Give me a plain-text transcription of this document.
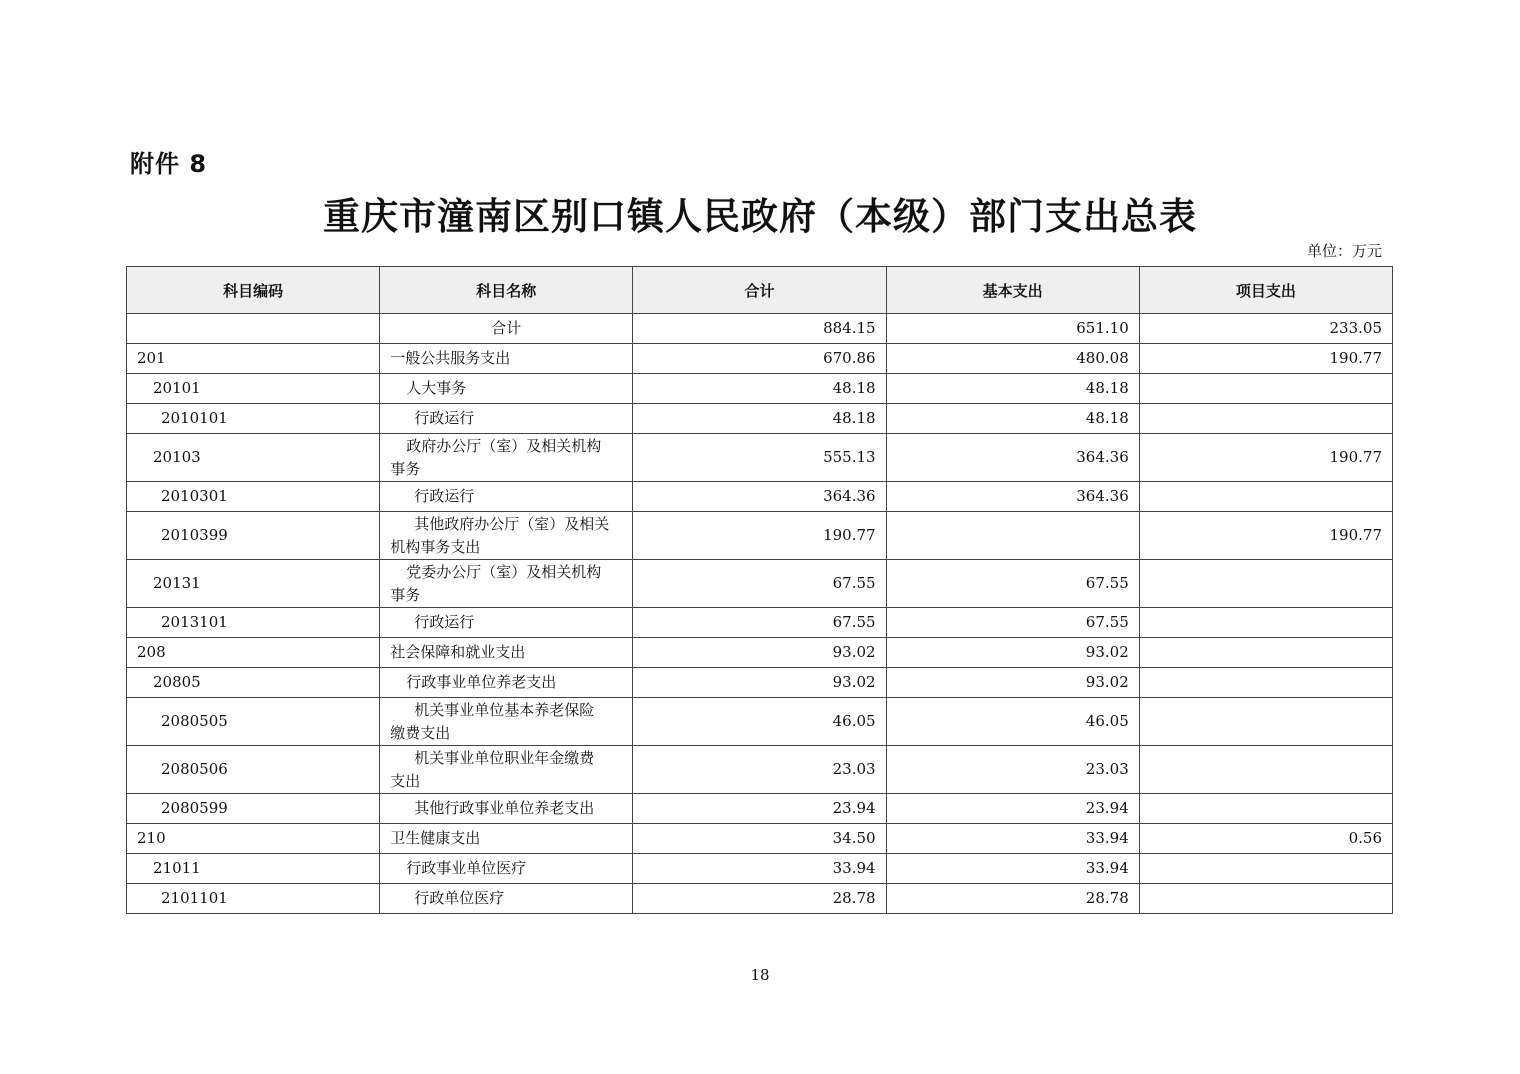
附件 8
重庆市潼南区别口镇人民政府（本级）部门支出总表
单位：万元
科目编码	科目名称	合计	基本支出	项目支出
	合计	884.15	651.10	233.05
201	一般公共服务支出	670.86	480.08	190.77
20101	人大事务	48.18	48.18	
2010101	行政运行	48.18	48.18	
20103	政府办公厅（室）及相关机构
事务	555.13	364.36	190.77
2010301	行政运行	364.36	364.36	
2010399	其他政府办公厅（室）及相关
机构事务支出	190.77		190.77
20131	党委办公厅（室）及相关机构
事务	67.55	67.55	
2013101	行政运行	67.55	67.55	
208	社会保障和就业支出	93.02	93.02	
20805	行政事业单位养老支出	93.02	93.02	
2080505	机关事业单位基本养老保险
缴费支出	46.05	46.05	
2080506	机关事业单位职业年金缴费
支出	23.03	23.03	
2080599	其他行政事业单位养老支出	23.94	23.94	
210	卫生健康支出	34.50	33.94	0.56
21011	行政事业单位医疗	33.94	33.94	
2101101	行政单位医疗	28.78	28.78	
18
